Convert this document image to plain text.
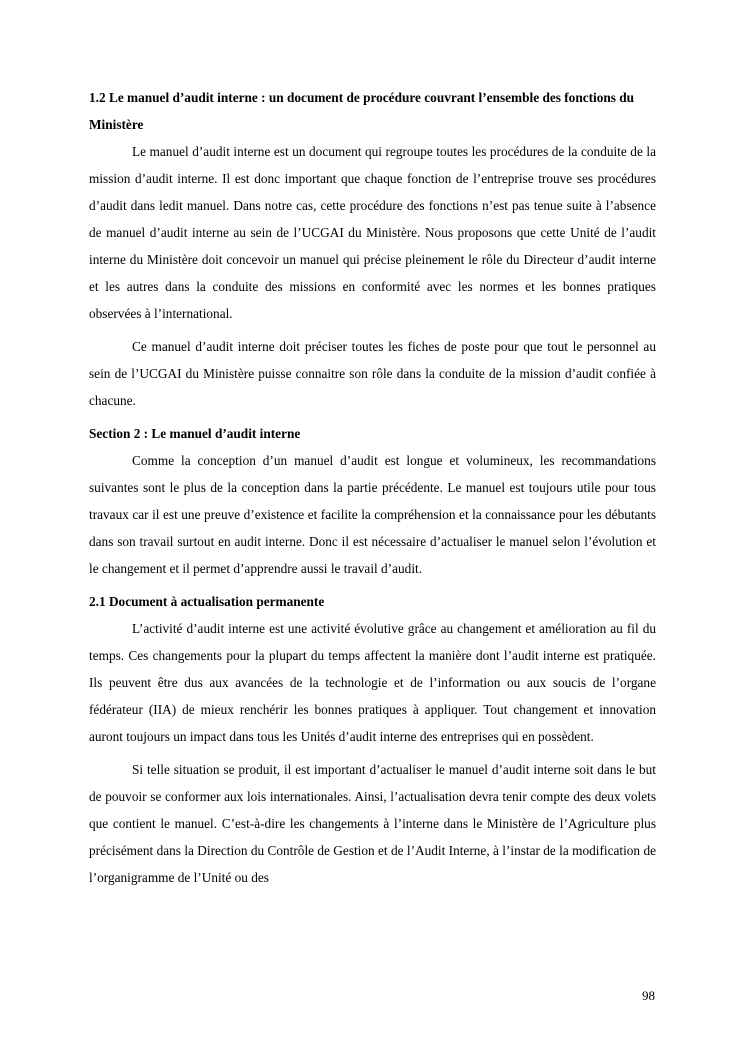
1.2 Le manuel d’audit interne : un document de procédure couvrant l’ensemble des fonctions du Ministère

Le manuel d’audit interne est un document qui regroupe toutes les procédures de la conduite de la mission d’audit interne. Il est donc important que chaque fonction de l’entreprise trouve ses procédures d’audit dans ledit manuel. Dans notre cas, cette procédure des fonctions n’est pas tenue suite à l’absence de manuel d’audit interne au sein de l’UCGAI du Ministère. Nous proposons que cette Unité de l’audit interne du Ministère doit concevoir un manuel qui précise pleinement le rôle du Directeur d’audit interne et les autres dans la conduite des missions en conformité avec les normes et les bonnes pratiques observées à l’international.

Ce manuel d’audit interne doit préciser toutes les fiches de poste pour que tout le personnel au sein de l’UCGAI du Ministère puisse connaitre son rôle dans la conduite de la mission d’audit confiée à chacune.

Section 2 : Le manuel d’audit interne

Comme la conception d’un manuel d’audit est longue et volumineux, les recommandations suivantes sont le plus de la conception dans la partie précédente. Le manuel est toujours utile pour tous travaux car il est une preuve d’existence et facilite la compréhension et la connaissance pour les débutants dans son travail surtout en audit interne. Donc il est nécessaire d’actualiser le manuel selon l’évolution et le changement et il permet d’apprendre aussi le travail d’audit.

2.1 Document à actualisation permanente

L’activité d’audit interne est une activité évolutive grâce au changement et amélioration au fil du temps. Ces changements pour la plupart du temps affectent la manière dont l’audit interne est pratiquée. Ils peuvent être dus aux avancées de la technologie et de l’information ou aux soucis de l’organe fédérateur (IIA) de mieux renchérir les bonnes pratiques à appliquer. Tout changement et innovation auront toujours un impact dans tous les Unités d’audit interne des entreprises qui en possèdent.

Si telle situation se produit, il est important d’actualiser le manuel d’audit interne soit dans le but de pouvoir se conformer aux lois internationales. Ainsi, l’actualisation devra tenir compte des deux volets que contient le manuel. C’est-à-dire les changements à l’interne dans le Ministère de l’Agriculture plus précisément dans la Direction du Contrôle de Gestion et de l’Audit Interne, à l’instar de la modification de l’organigramme de l’Unité ou des

98
